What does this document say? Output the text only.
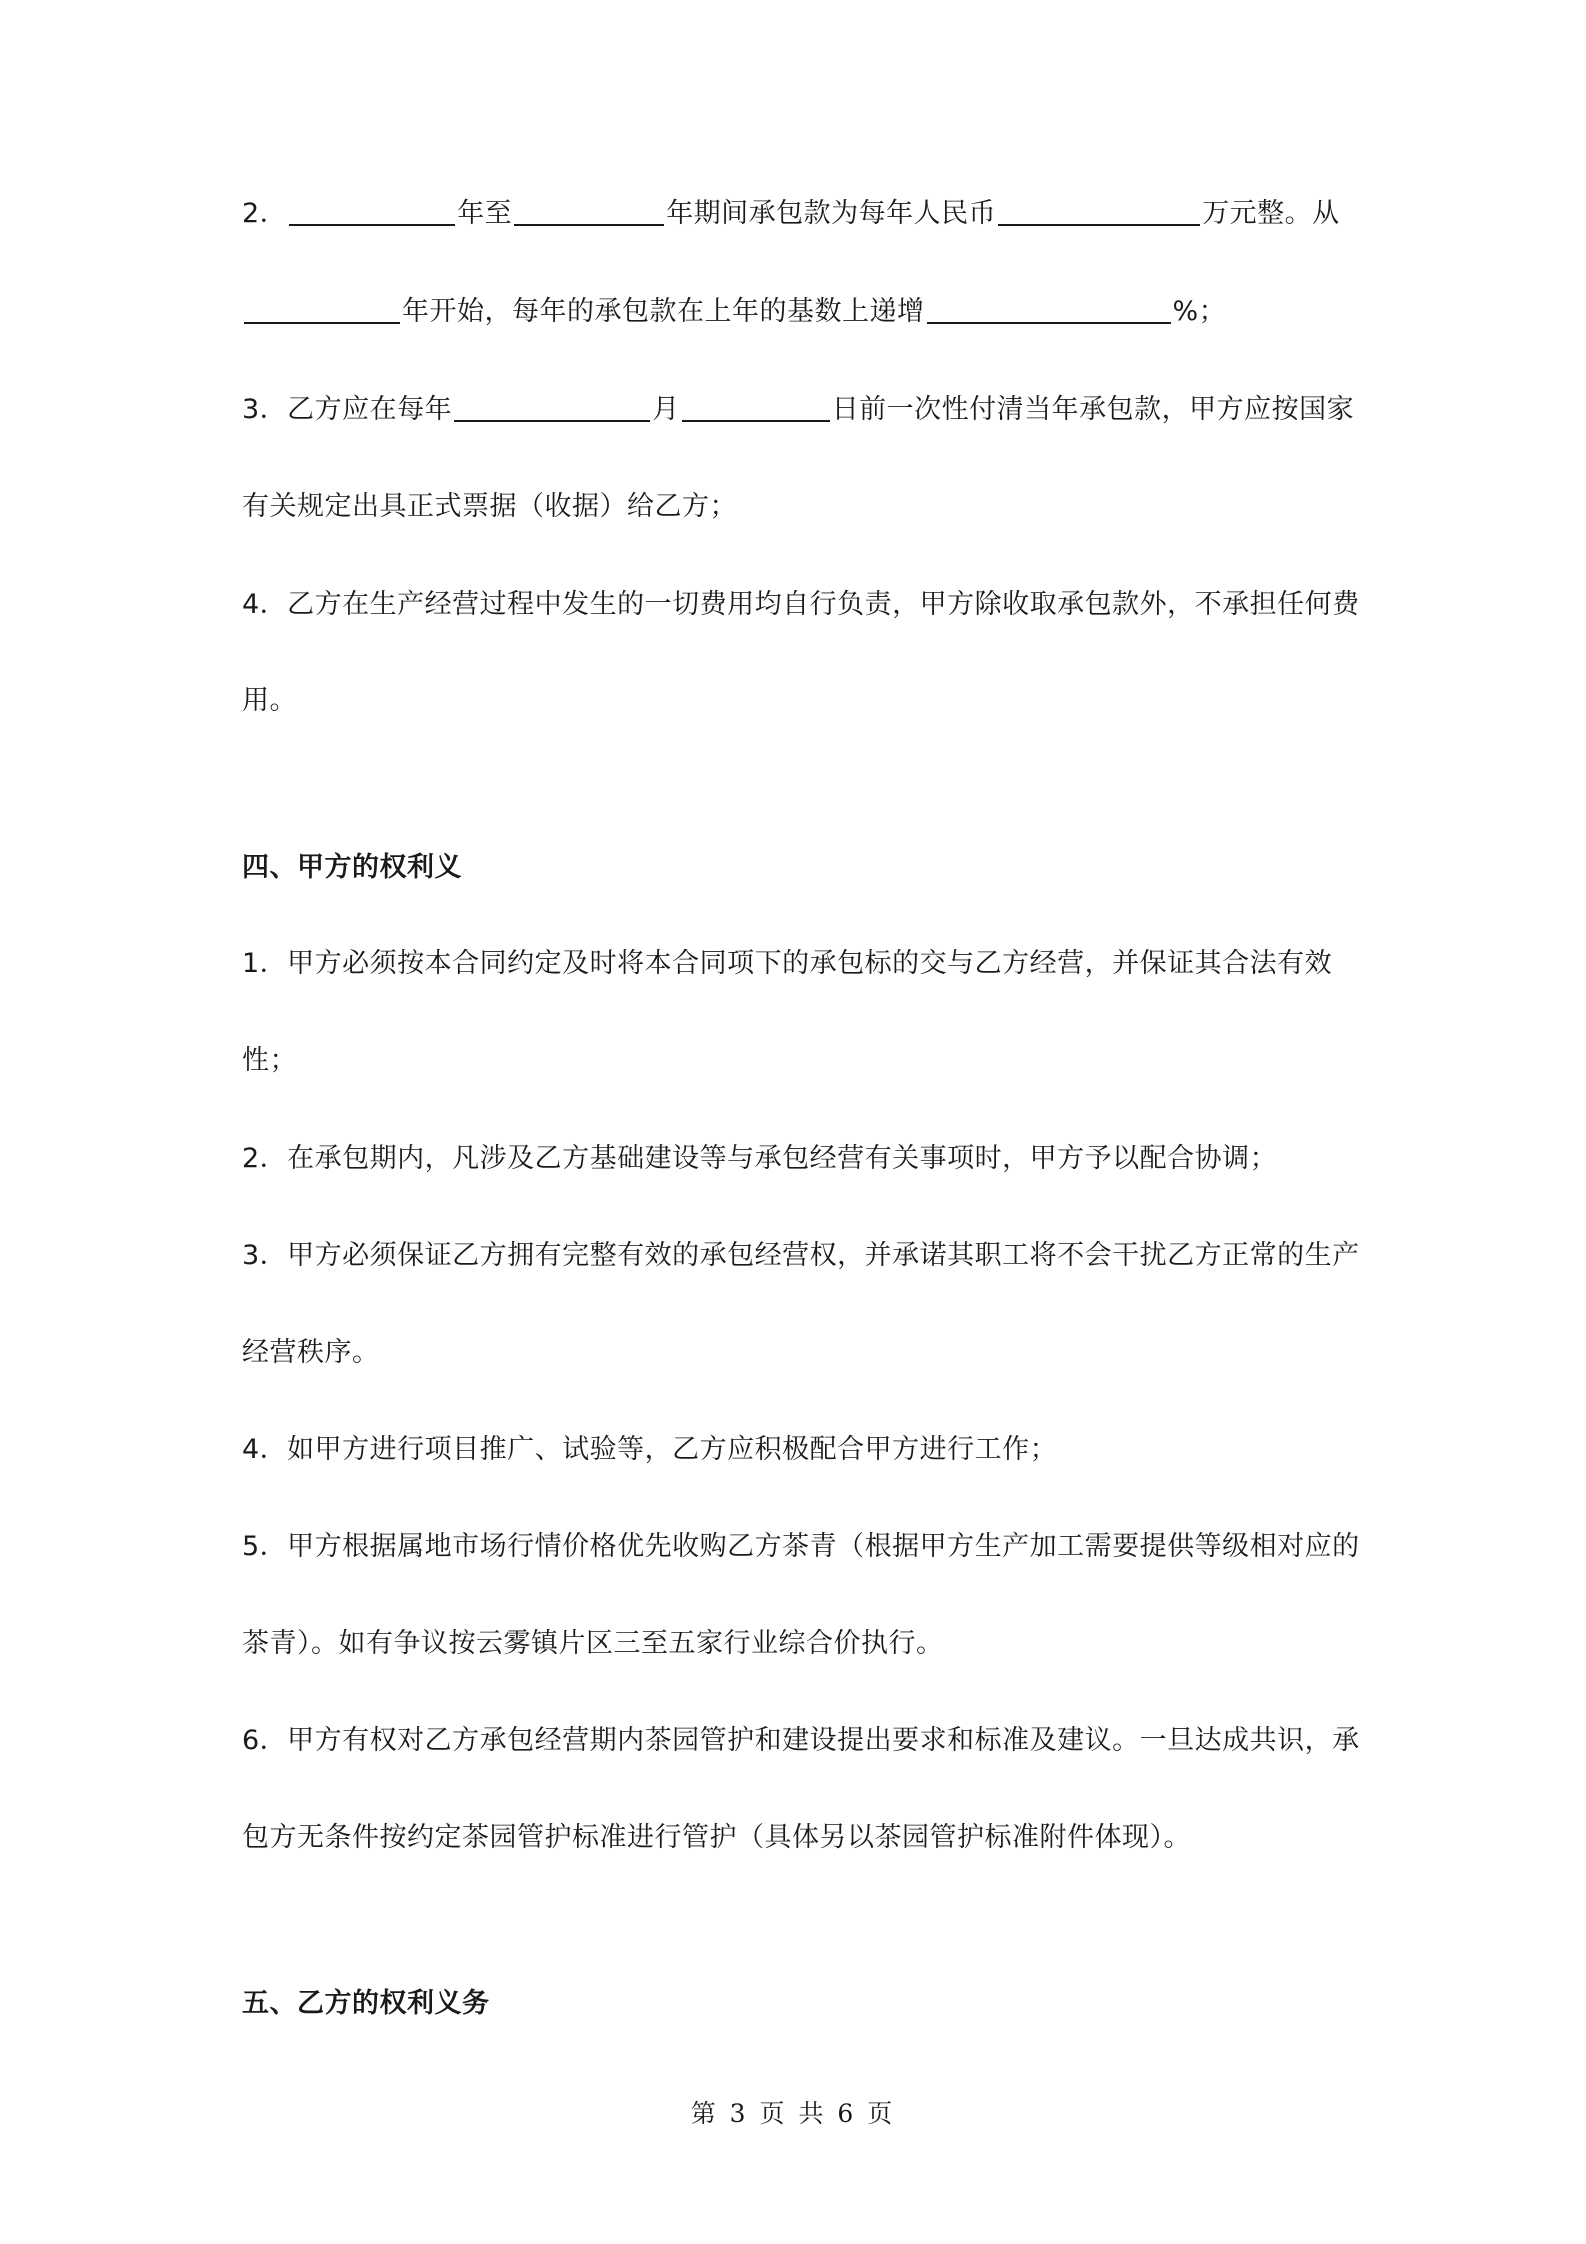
2．	年至	年期间承包款为每年人民币	万元整。从
年开始，每年的承包款在上年的基数上递增	%；
3．乙方应在每年	月	日前一次性付清当年承包款，甲方应按国家
有关规定出具正式票据（收据）给乙方；
4．乙方在生产经营过程中发生的一切费用均自行负责，甲方除收取承包款外，不承担任何费
用。
四、甲方的权利义
1．甲方必须按本合同约定及时将本合同项下的承包标的交与乙方经营，并保证其合法有效
性；
2．在承包期内，凡涉及乙方基础建设等与承包经营有关事项时，甲方予以配合协调；
3．甲方必须保证乙方拥有完整有效的承包经营权，并承诺其职工将不会干扰乙方正常的生产
经营秩序。
4．如甲方进行项目推广、试验等，乙方应积极配合甲方进行工作；
5．甲方根据属地市场行情价格优先收购乙方茶青（根据甲方生产加工需要提供等级相对应的
茶青）。如有争议按云雾镇片区三至五家行业综合价执行。
6．甲方有权对乙方承包经营期内茶园管护和建设提出要求和标准及建议。一旦达成共识，承
包方无条件按约定茶园管护标准进行管护（具体另以茶园管护标准附件体现）。
五、乙方的权利义务
第 3 页 共 6 页
